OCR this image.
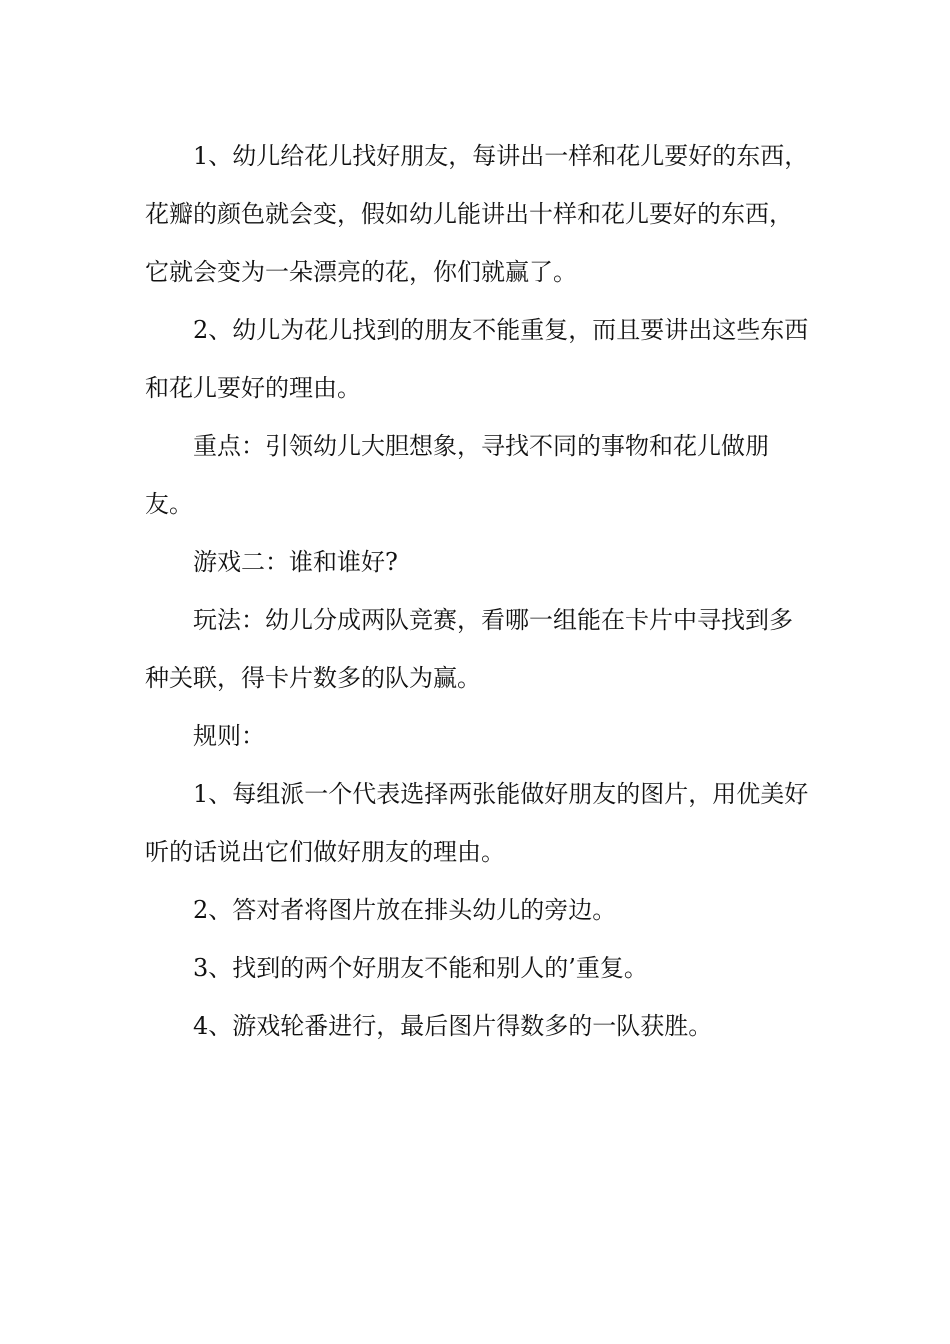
1、幼儿给花儿找好朋友，每讲出一样和花儿要好的东西，花瓣的颜色就会变，假如幼儿能讲出十样和花儿要好的东西，它就会变为一朵漂亮的花，你们就赢了。

2、幼儿为花儿找到的朋友不能重复，而且要讲出这些东西和花儿要好的理由。

重点：引领幼儿大胆想象，寻找不同的事物和花儿做朋友。

游戏二：谁和谁好?

玩法：幼儿分成两队竞赛，看哪一组能在卡片中寻找到多种关联，得卡片数多的队为赢。

规则：

1、每组派一个代表选择两张能做好朋友的图片，用优美好听的话说出它们做好朋友的理由。

2、答对者将图片放在排头幼儿的旁边。

3、找到的两个好朋友不能和别人的’重复。

4、游戏轮番进行，最后图片得数多的一队获胜。
